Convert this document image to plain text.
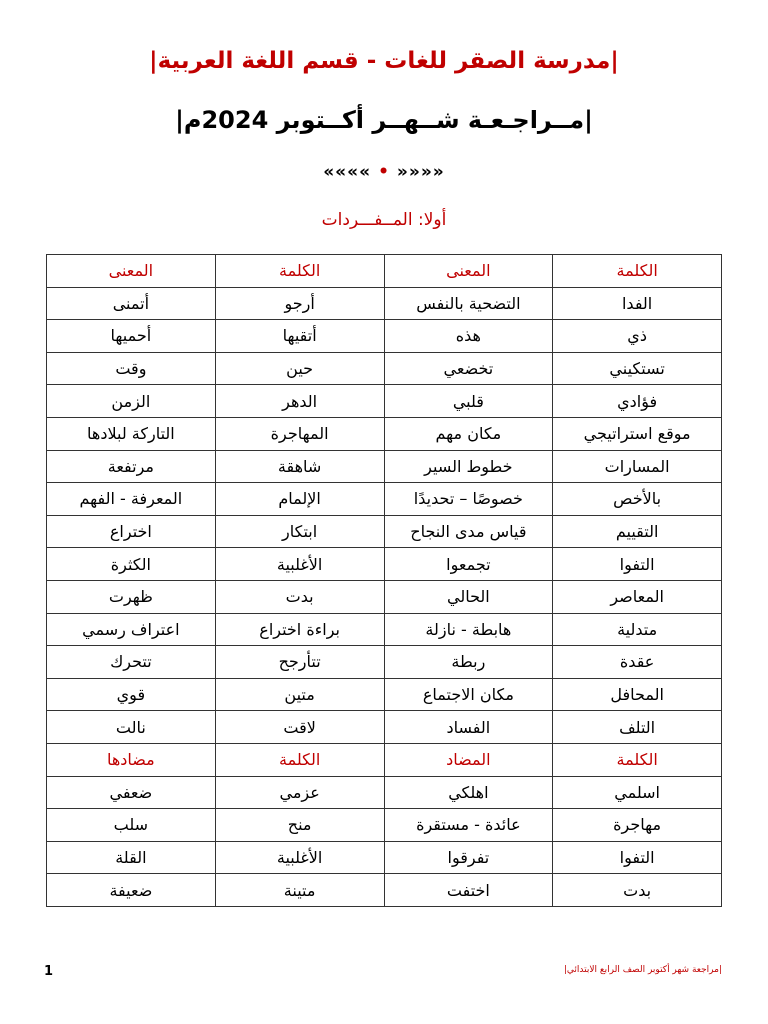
|مدرسة الصقر للغات - قسم اللغة العربية|
|مــراجـعـة شــهــر أكــتوبر 2024م|
«««« • »»»»
أولا: المــفـــردات
الكلمة	المعنى	الكلمة	المعنى
الفدا	التضحية بالنفس	أرجو	أتمنى
ذي	هذه	أتقيها	أحميها
تستكيني	تخضعي	حين	وقت
فؤادي	قلبي	الدهر	الزمن
موقع استراتيجي	مكان مهم	المهاجرة	التاركة لبلادها
المسارات	خطوط السير	شاهقة	مرتفعة
بالأخص	خصوصًا – تحديدًا	الإلمام	المعرفة - الفهم
التقييم	قياس مدى النجاح	ابتكار	اختراع
التفوا	تجمعوا	الأغلبية	الكثرة
المعاصر	الحالي	بدت	ظهرت
متدلية	هابطة - نازلة	براءة اختراع	اعتراف رسمي
عقدة	ربطة	تتأرجح	تتحرك
المحافل	مكان الاجتماع	متين	قوي
التلف	الفساد	لاقت	نالت
الكلمة	المضاد	الكلمة	مضادها
اسلمي	اهلكي	عزمي	ضعفي
مهاجرة	عائدة - مستقرة	منح	سلب
التفوا	تفرقوا	الأغلبية	القلة
بدت	اختفت	متينة	ضعيفة
1	|مراجعة شهر أكتوبر الصف الرابع الابتدائي|
